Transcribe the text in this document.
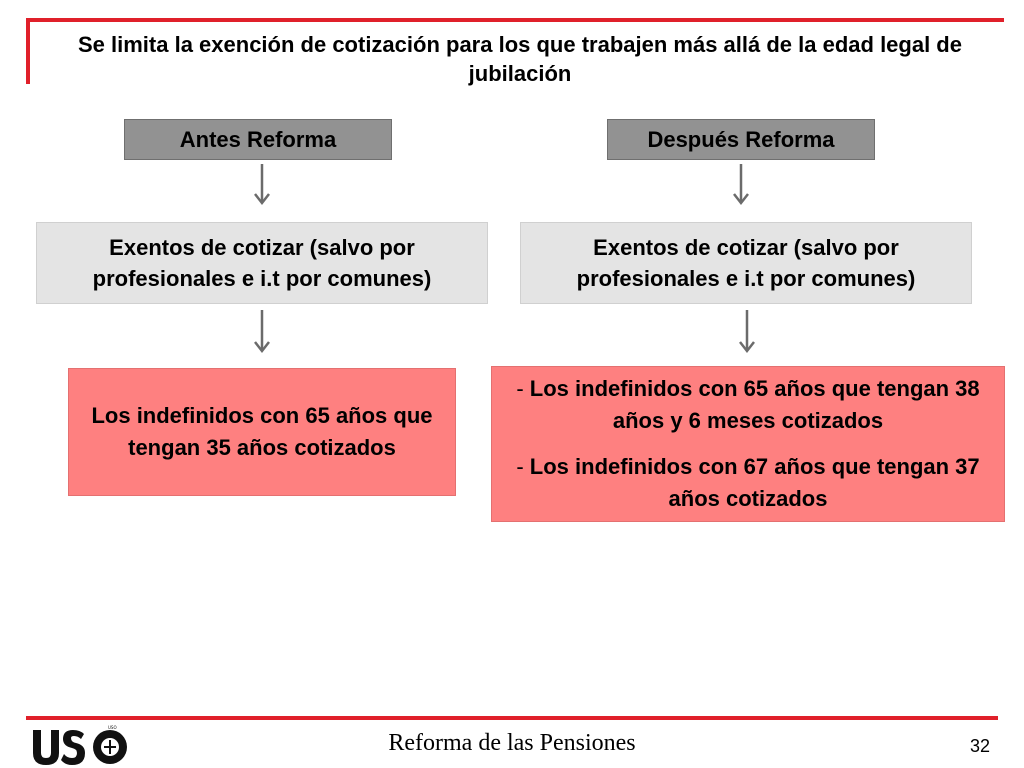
Se limita la exención de cotización para los que trabajen más allá de la edad legal de jubilación
Antes Reforma
Exentos de cotizar (salvo por profesionales e i.t por comunes)

Los indefinidos con 65 años que tengan 35 años cotizados

Después Reforma
Exentos de cotizar (salvo por profesionales e i.t por comunes)

- Los indefinidos con 65 años que tengan 38 años y 6 meses cotizados

- Los indefinidos con 67 años que tengan 37 años cotizados

USO
Reforma de las Pensiones	32
